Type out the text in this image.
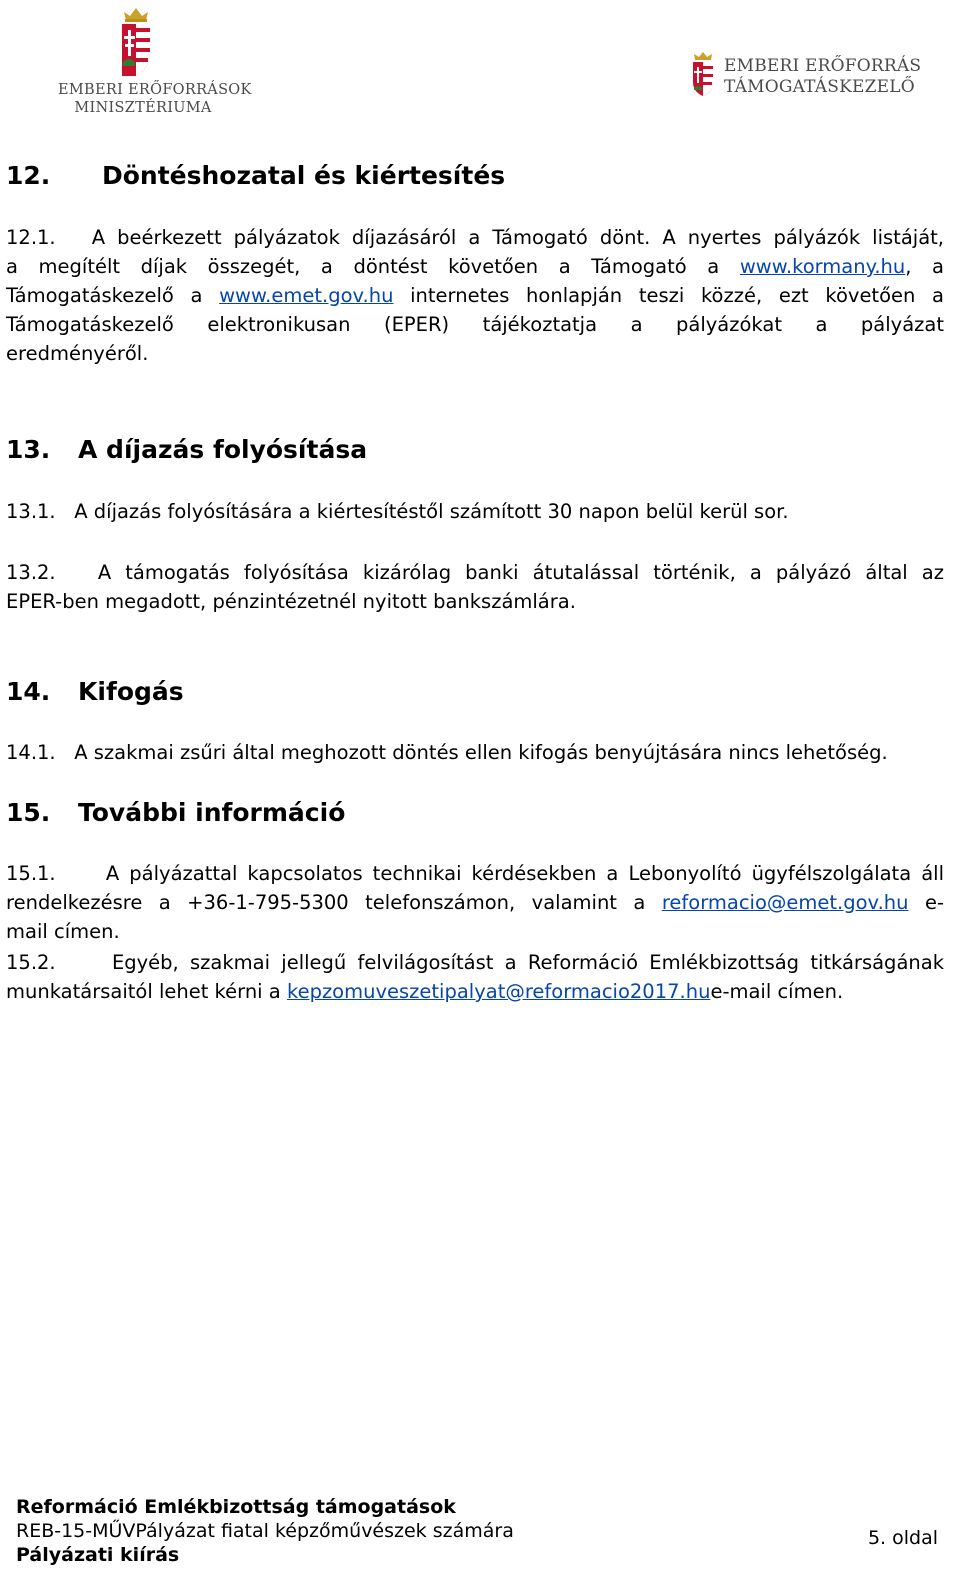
EMBERI ERŐFORRÁSOK
MINISZTÉRIUMA
EMBERI ERŐFORRÁS
TÁMOGATÁSKEZELŐ
12. Döntéshozatal és kiértesítés
12.1. A beérkezett pályázatok díjazásáról a Támogató dönt. A nyertes pályázók listáját,
a megítélt díjak összegét, a döntést követően a Támogató a www.kormany.hu, a
Támogatáskezelő a www.emet.gov.hu internetes honlapján teszi közzé, ezt követően a
Támogatáskezelő elektronikusan (EPER) tájékoztatja a pályázókat a pályázat
eredményéről.
13. A díjazás folyósítása
13.1. A díjazás folyósítására a kiértesítéstől számított 30 napon belül kerül sor.
13.2. A támogatás folyósítása kizárólag banki átutalással történik, a pályázó által az
EPER-ben megadott, pénzintézetnél nyitott bankszámlára.
14. Kifogás
14.1. A szakmai zsűri által meghozott döntés ellen kifogás benyújtására nincs lehetőség.
15. További információ
15.1.	A pályázattal kapcsolatos technikai kérdésekben a Lebonyolító ügyfélszolgálata áll
rendelkezésre a +36-1-795-5300 telefonszámon, valamint a reformacio@emet.gov.hu e-
mail címen.
15.2.	Egyéb, szakmai jellegű felvilágosítást a Reformáció Emlékbizottság titkárságának
munkatársaitól lehet kérni a kepzomuveszetipalyat@reformacio2017.hue-mail címen.
Reformáció Emlékbizottság támogatások
REB-15-MŰVPályázat fiatal képzőművészek számára
Pályázati kiírás
5. oldal
